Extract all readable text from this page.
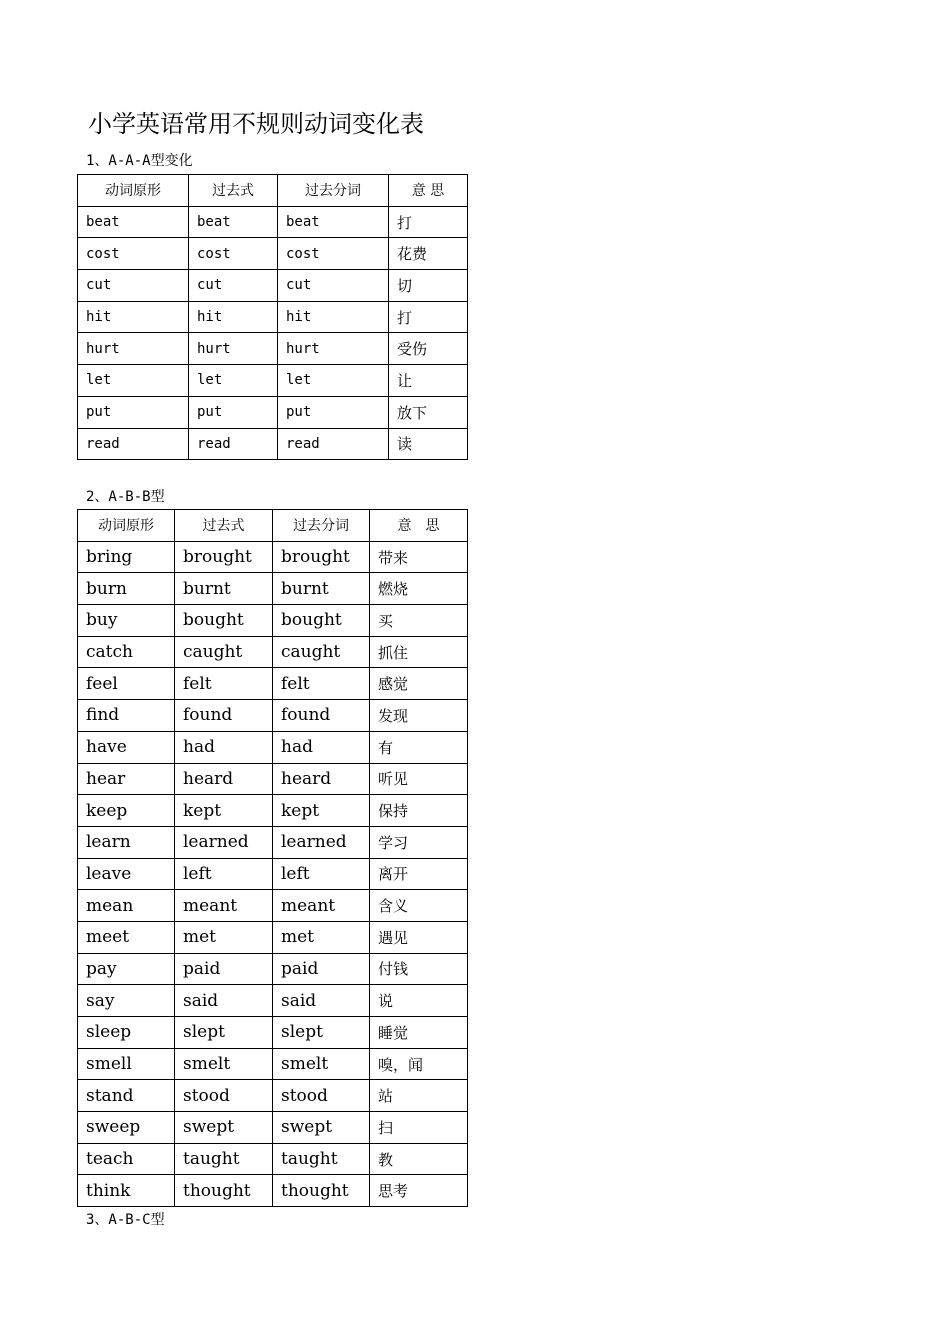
小学英语常用不规则动词变化表
1、A-A-A型变化
动词原形	过去式	过去分词	意 思
beat	beat	beat	打
cost	cost	cost	花费
cut	cut	cut	切
hit	hit	hit	打
hurt	hurt	hurt	受伤
let	let	let	让
put	put	put	放下
read	read	read	读
2、A-B-B型
动词原形	过去式	过去分词	意　思
bring	brought	brought	带来
burn	burnt	burnt	燃烧
buy	bought	bought	买
catch	caught	caught	抓住
feel	felt	felt	感觉
find	found	found	发现
have	had	had	有
hear	heard	heard	听见
keep	kept	kept	保持
learn	learned	learned	学习
leave	left	left	离开
mean	meant	meant	含义
meet	met	met	遇见
pay	paid	paid	付钱
say	said	said	说
sleep	slept	slept	睡觉
smell	smelt	smelt	嗅，闻
stand	stood	stood	站
sweep	swept	swept	扫
teach	taught	taught	教
think	thought	thought	思考
3、A-B-C型
